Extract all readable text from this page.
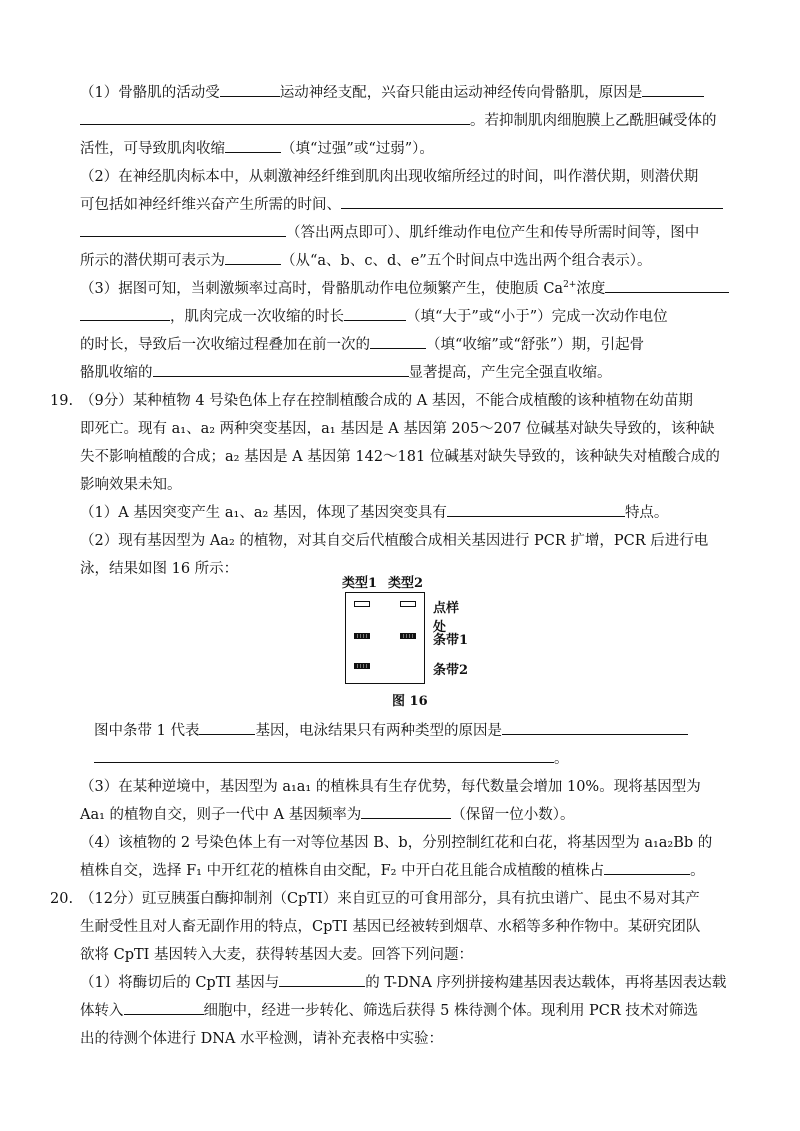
（1）骨骼肌的活动受	运动神经支配，兴奋只能由运动神经传向骨骼肌，原因是
。若抑制肌肉细胞膜上乙酰胆碱受体的
活性，可导致肌肉收缩	（填“过强”或“过弱”）。
（2）在神经肌肉标本中，从刺激神经纤维到肌肉出现收缩所经过的时间，叫作潜伏期，则潜伏期
可包括如神经纤维兴奋产生所需的时间、
（答出两点即可）、肌纤维动作电位产生和传导所需时间等，图中
所示的潜伏期可表示为	（从“a、b、c、d、e”五个时间点中选出两个组合表示）。
（3）据图可知，当刺激频率过高时，骨骼肌动作电位频繁产生，使胞质 $Ca^{2+}$浓度
，肌肉完成一次收缩的时长	（填“大于”或“小于”）完成一次动作电位
的时长，导致后一次收缩过程叠加在前一次的	（填“收缩”或“舒张”）期，引起骨
骼肌收缩的	显著提高，产生完全强直收缩。
19. （9分）某种植物 4 号染色体上存在控制植酸合成的 A 基因，不能合成植酸的该种植物在幼苗期
即死亡。现有 a₁、a₂ 两种突变基因，a₁ 基因是 A 基因第 205～207 位碱基对缺失导致的，该种缺
失不影响植酸的合成；a₂ 基因是 A 基因第 142～181 位碱基对缺失导致的，该种缺失对植酸合成的
影响效果未知。
（1）A 基因突变产生 a₁、a₂ 基因，体现了基因突变具有	特点。
（2）现有基因型为 Aa₂ 的植物，对其自交后代植酸合成相关基因进行 PCR 扩增，PCR 后进行电
泳，结果如图 16 所示：
类型1 类型2
点样处
条带1
条带2
图 16
图中条带 1 代表	基因，电泳结果只有两种类型的原因是
。
（3）在某种逆境中，基因型为 a₁a₁ 的植株具有生存优势，每代数量会增加 10%。现将基因型为
Aa₁ 的植物自交，则子一代中 A 基因频率为	（保留一位小数）。
（4）该植物的 2 号染色体上有一对等位基因 B、b，分别控制红花和白花，将基因型为 a₁a₂Bb 的
植株自交，选择 F₁ 中开红花的植株自由交配，F₂ 中开白花且能合成植酸的植株占	。
20. （12分）豇豆胰蛋白酶抑制剂（CpTI）来自豇豆的可食用部分，具有抗虫谱广、昆虫不易对其产
生耐受性且对人畜无副作用的特点，CpTI 基因已经被转到烟草、水稻等多种作物中。某研究团队
欲将 CpTI 基因转入大麦，获得转基因大麦。回答下列问题：
（1）将酶切后的 CpTI 基因与	的 T-DNA 序列拼接构建基因表达载体，再将基因表达载
体转入	细胞中，经进一步转化、筛选后获得 5 株待测个体。现利用 PCR 技术对筛选
出的待测个体进行 DNA 水平检测，请补充表格中实验：
